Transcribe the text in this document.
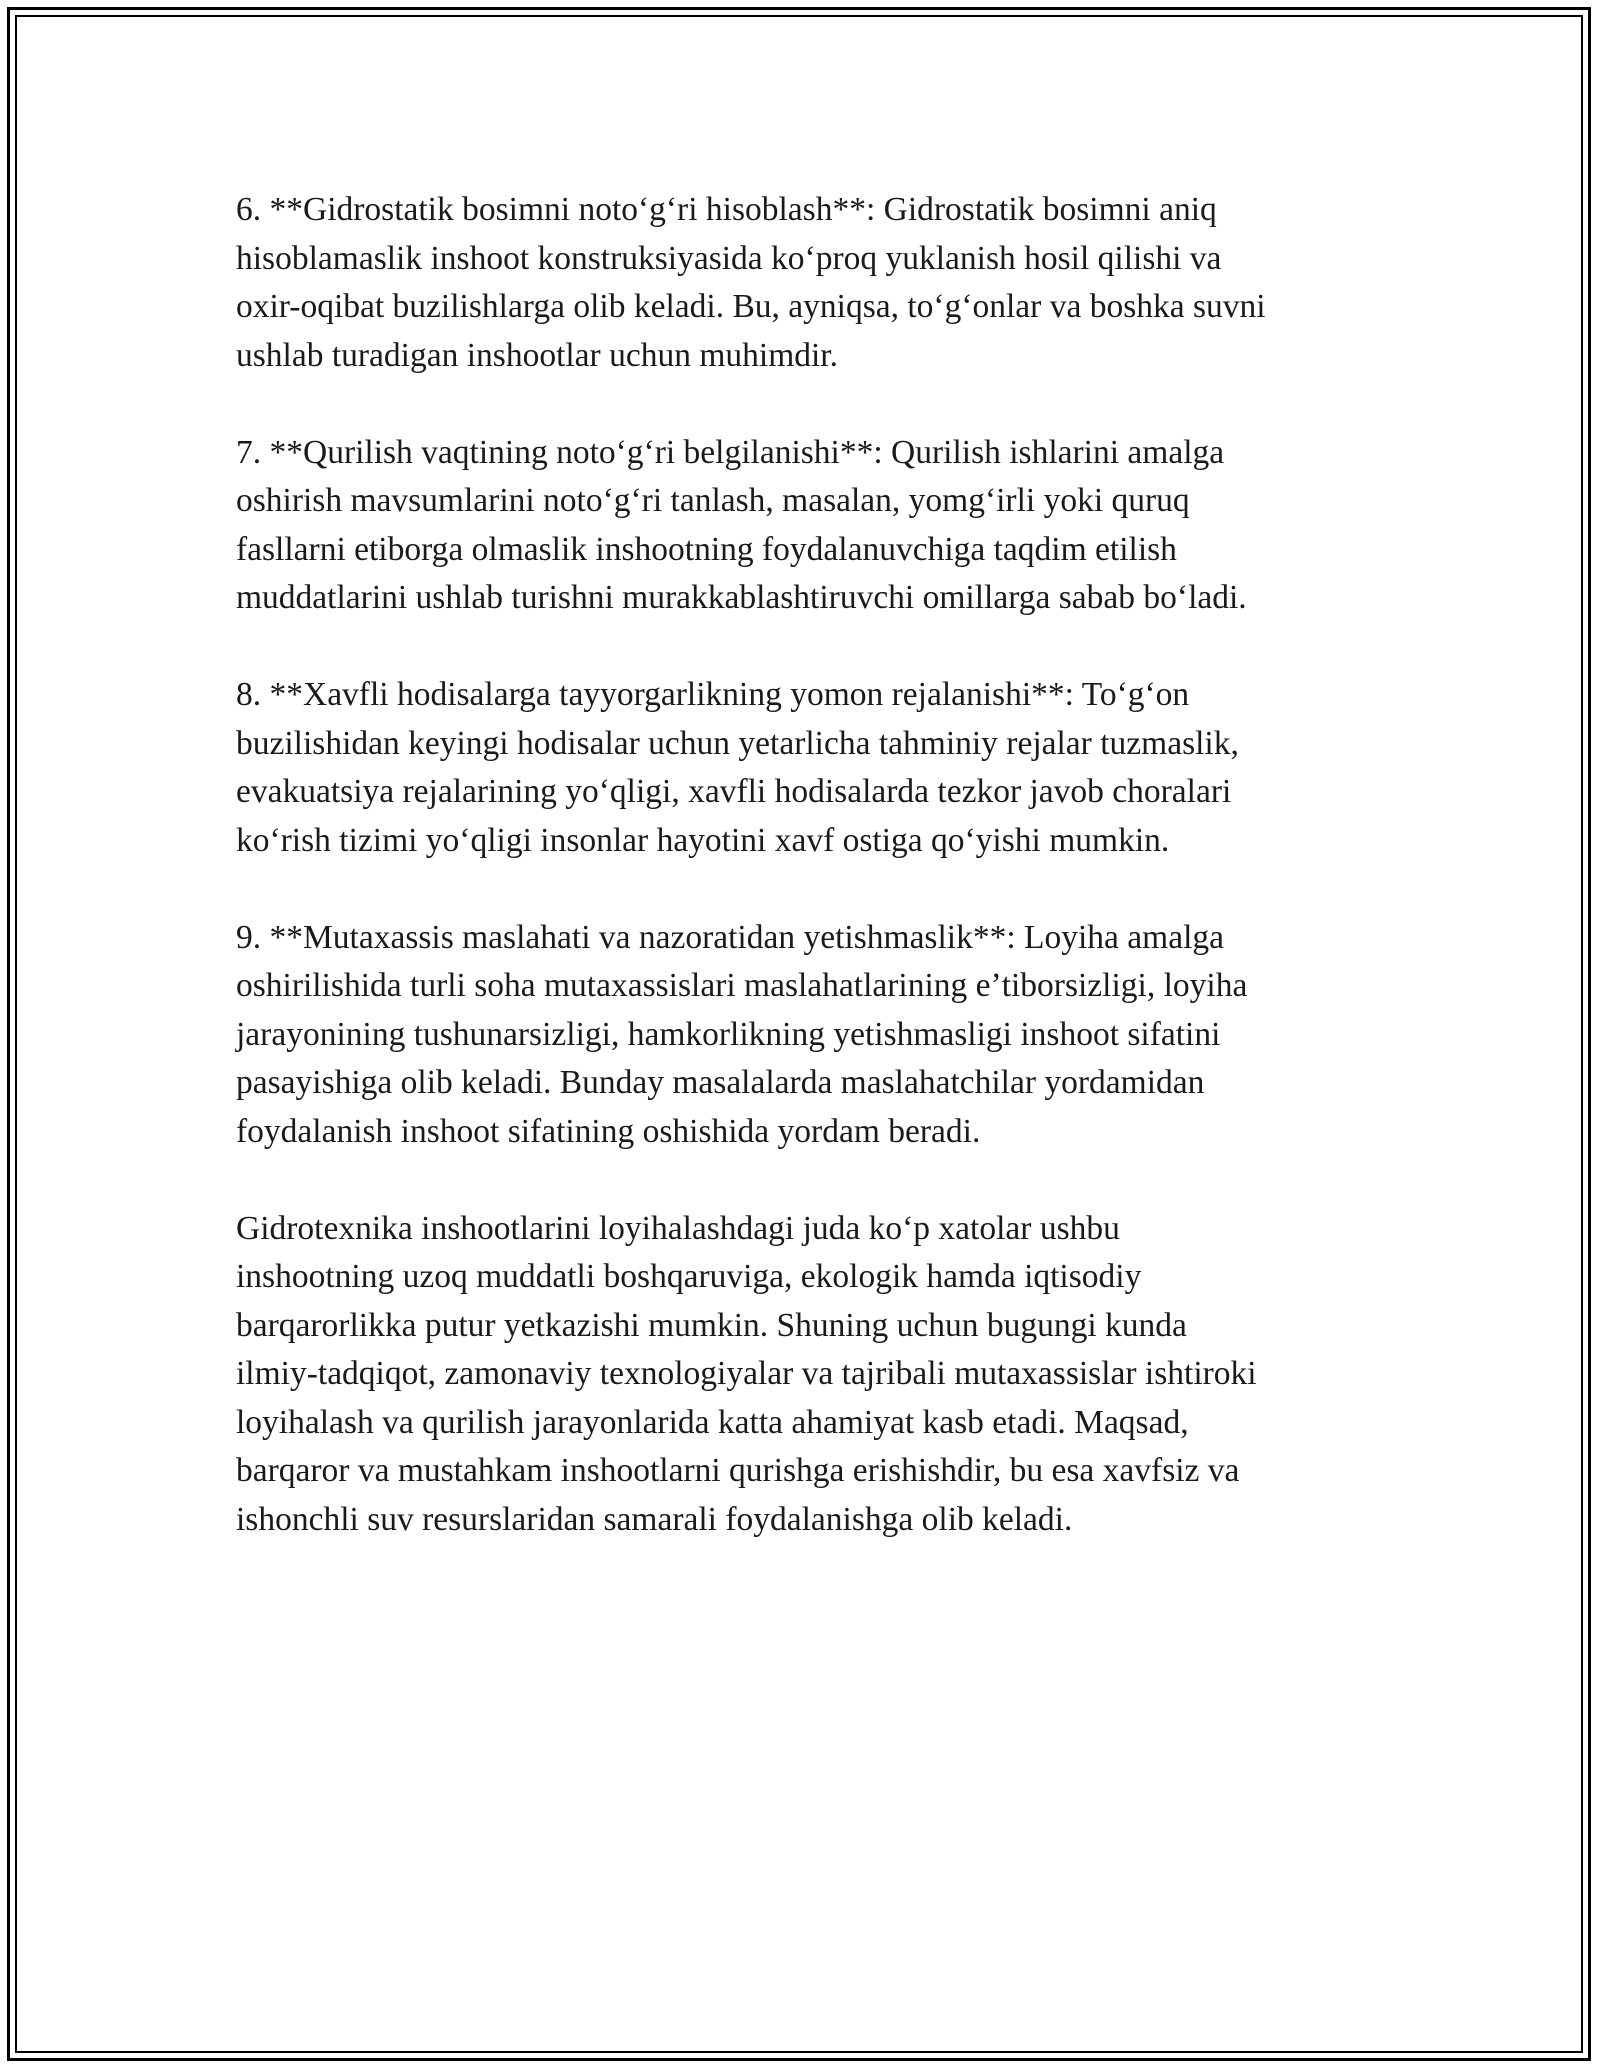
6. **Gidrostatik bosimni noto‘g‘ri hisoblash**: Gidrostatik bosimni aniq
hisoblamaslik inshoot konstruksiyasida ko‘proq yuklanish hosil qilishi va
oxir-oqibat buzilishlarga olib keladi. Bu, ayniqsa, to‘g‘onlar va boshka suvni
ushlab turadigan inshootlar uchun muhimdir.

7. **Qurilish vaqtining noto‘g‘ri belgilanishi**: Qurilish ishlarini amalga
oshirish mavsumlarini noto‘g‘ri tanlash, masalan, yomg‘irli yoki quruq
fasllarni etiborga olmaslik inshootning foydalanuvchiga taqdim etilish
muddatlarini ushlab turishni murakkablashtiruvchi omillarga sabab bo‘ladi.

8. **Xavfli hodisalarga tayyorgarlikning yomon rejalanishi**: To‘g‘on
buzilishidan keyingi hodisalar uchun yetarlicha tahminiy rejalar tuzmaslik,
evakuatsiya rejalarining yo‘qligi, xavfli hodisalarda tezkor javob choralari
ko‘rish tizimi yo‘qligi insonlar hayotini xavf ostiga qo‘yishi mumkin.

9. **Mutaxassis maslahati va nazoratidan yetishmaslik**: Loyiha amalga
oshirilishida turli soha mutaxassislari maslahatlarining eʼtiborsizligi, loyiha
jarayonining tushunarsizligi, hamkorlikning yetishmasligi inshoot sifatini
pasayishiga olib keladi. Bunday masalalarda maslahatchilar yordamidan
foydalanish inshoot sifatining oshishida yordam beradi.

Gidrotexnika inshootlarini loyihalashdagi juda ko‘p xatolar ushbu
inshootning uzoq muddatli boshqaruviga, ekologik hamda iqtisodiy
barqarorlikka putur yetkazishi mumkin. Shuning uchun bugungi kunda
ilmiy-tadqiqot, zamonaviy texnologiyalar va tajribali mutaxassislar ishtiroki
loyihalash va qurilish jarayonlarida katta ahamiyat kasb etadi. Maqsad,
barqaror va mustahkam inshootlarni qurishga erishishdir, bu esa xavfsiz va
ishonchli suv resurslaridan samarali foydalanishga olib keladi.
